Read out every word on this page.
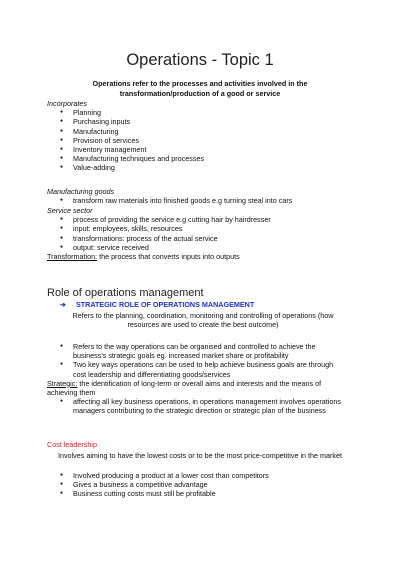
Operations - Topic 1
Operations refer to the processes and activities involved in the transformation/production of a good or service
Incorporates
● Planning
● Purchasing inputs
● Manufacturing
● Provision of services
● Inventory management
● Manufacturing techniques and processes
● Value-adding
Manufacturing goods
● transform raw materials into finished goods e.g turning steal into cars
Service sector
● process of providing the service e.g cutting hair by hairdresser
● input: employees, skills, resources
● transformations: process of the actual service
● output: service received
Transformation: the process that converts inputs into outputs
Role of operations management
➔ STRATEGIC ROLE OF OPERATIONS MANAGEMENT
Refers to the planning, coordination, monitoring and controlling of operations (how resources are used to create the best outcome)
● Refers to the way operations can be organised and controlled to achieve the business's strategic goals eg. increased market share or profitability
● Two key ways operations can be used to help achieve business goals are through cost leadership and differentiating goods/services
Strategic: the identification of long-term or overall aims and interests and the means of achieving them
● affecting all key business operations, in operations management involves operations managers contributing to the strategic direction or strategic plan of the business
Cost leadership
Involves aiming to have the lowest costs or to be the most price-competitive in the market
● Involved producing a product at a lower cost than competitors
● Gives a business a competitive advantage
● Business cutting costs must still be profitable
